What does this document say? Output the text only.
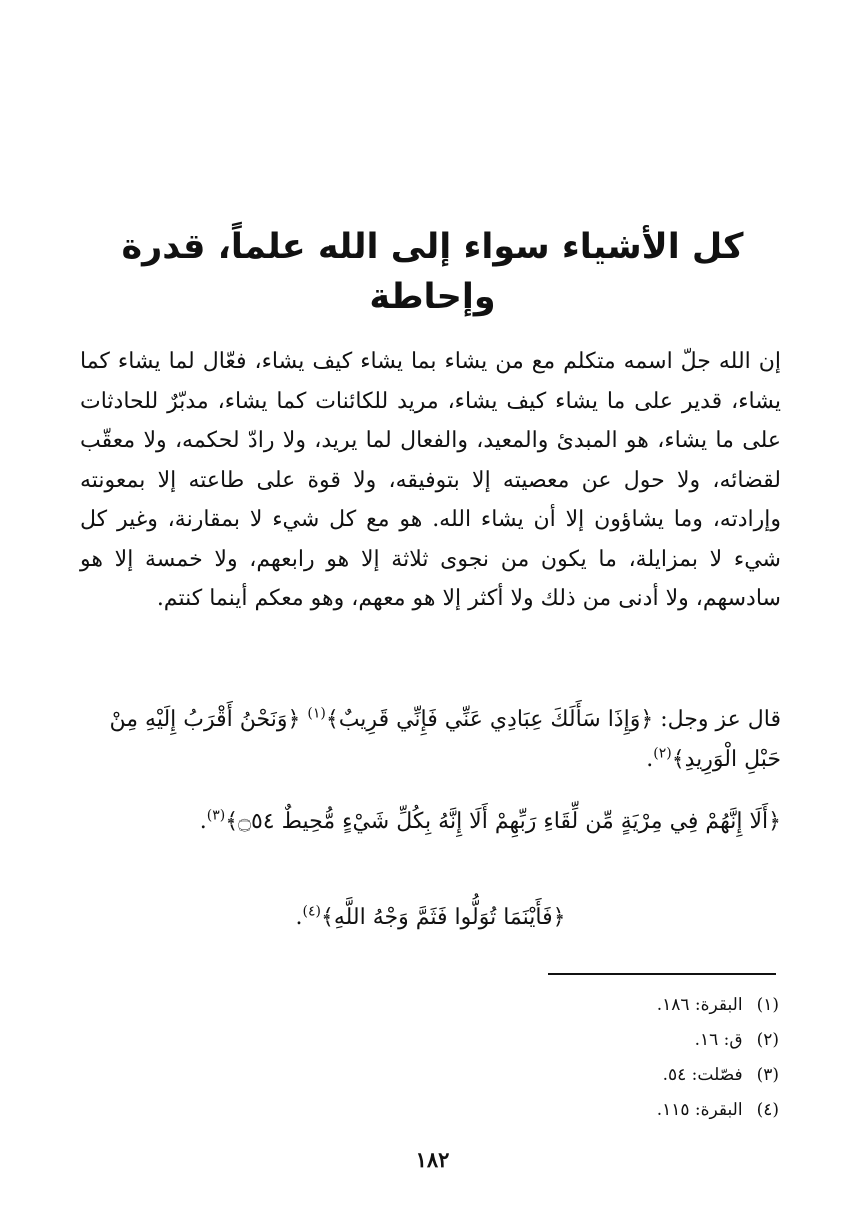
كل الأشياء سواء إلى الله علماً، قدرة وإحاطة

إن الله جلّ اسمه متكلم مع من يشاء بما يشاء كيف يشاء، فعّال لما يشاء كما يشاء، قدير على ما يشاء كيف يشاء، مريد للكائنات كما يشاء، مدبّرٌ للحادثات على ما يشاء، هو المبدئ والمعيد، والفعال لما يريد، ولا رادّ لحكمه، ولا معقّب لقضائه، ولا حول عن معصيته إلا بتوفيقه، ولا قوة على طاعته إلا بمعونته وإرادته، وما يشاؤون إلا أن يشاء الله. هو مع كل شيء لا بمقارنة، وغير كل شيء لا بمزايلة، ما يكون من نجوى ثلاثة إلا هو رابعهم، ولا خمسة إلا هو سادسهم، ولا أدنى من ذلك ولا أكثر إلا هو معهم، وهو معكم أينما كنتم.

قال عز وجل: ﴿وَإِذَا سَأَلَكَ عِبَادِي عَنِّي فَإِنِّي قَرِيبٌ﴾$^{(١)}$ ﴿وَنَحْنُ أَقْرَبُ إِلَيْهِ مِنْ حَبْلِ الْوَرِيدِ﴾$^{(٢)}$.
﴿أَلَا إِنَّهُمْ فِي مِرْيَةٍ مِّن لِّقَاءِ رَبِّهِمْ أَلَا إِنَّهُ بِكُلِّ شَيْءٍ مُّحِيطٌ ۝٥٤﴾$^{(٣)}$.
﴿فَأَيْنَمَا تُوَلُّوا فَثَمَّ وَجْهُ اللَّهِ﴾$^{(٤)}$.
(١)البقرة: ١٨٦.
(٢)ق: ١٦.
(٣)فصّلت: ٥٤.
(٤)البقرة: ١١٥.
١٨٢
